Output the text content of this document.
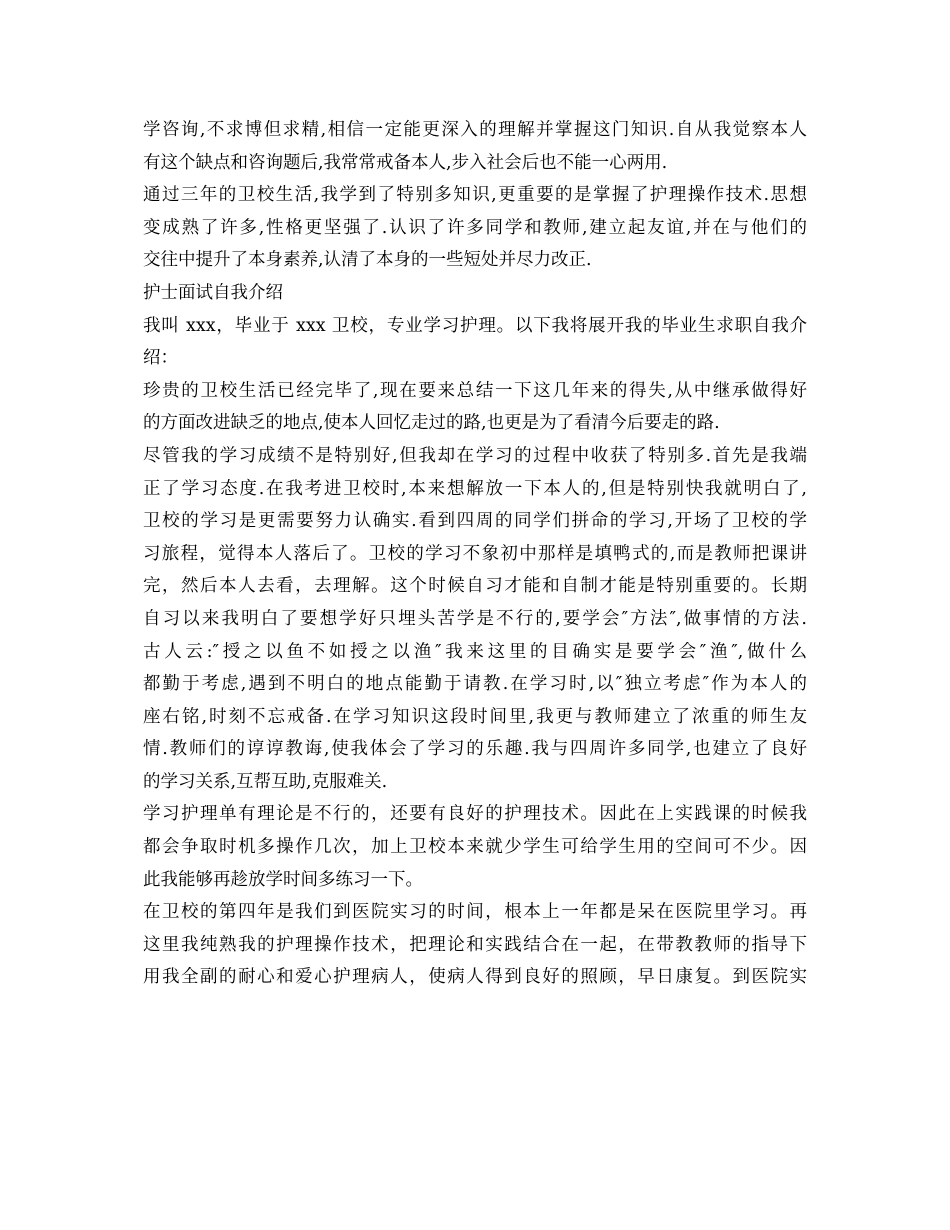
学咨询,不求博但求精,相信一定能更深入的理解并掌握这门知识.自从我觉察本人
有这个缺点和咨询题后,我常常戒备本人,步入社会后也不能一心两用.
通过三年的卫校生活,我学到了特别多知识,更重要的是掌握了护理操作技术.思想
变成熟了许多,性格更坚强了.认识了许多同学和教师,建立起友谊,并在与他们的
交往中提升了本身素养,认清了本身的一些短处并尽力改正.
护士面试自我介绍
我叫 xxx，毕业于 xxx 卫校，专业学习护理。以下我将展开我的毕业生求职自我介
绍：
珍贵的卫校生活已经完毕了,现在要来总结一下这几年来的得失,从中继承做得好
的方面改进缺乏的地点,使本人回忆走过的路,也更是为了看清今后要走的路.
尽管我的学习成绩不是特别好,但我却在学习的过程中收获了特别多.首先是我端
正了学习态度.在我考进卫校时,本来想解放一下本人的,但是特别快我就明白了,
卫校的学习是更需要努力认确实.看到四周的同学们拼命的学习,开场了卫校的学
习旅程，觉得本人落后了。卫校的学习不象初中那样是填鸭式的,而是教师把课讲
完，然后本人去看，去理解。这个时候自习才能和自制才能是特别重要的。长期
自习以来我明白了要想学好只埋头苦学是不行的,要学会″方法″,做事情的方法.
古人云:″授之以鱼不如授之以渔″我来这里的目确实是要学会″渔″,做什么
都勤于考虑,遇到不明白的地点能勤于请教.在学习时,以″独立考虑″作为本人的
座右铭,时刻不忘戒备.在学习知识这段时间里,我更与教师建立了浓重的师生友
情.教师们的谆谆教诲,使我体会了学习的乐趣.我与四周许多同学,也建立了良好
的学习关系,互帮互助,克服难关.
学习护理单有理论是不行的，还要有良好的护理技术。因此在上实践课的时候我
都会争取时机多操作几次，加上卫校本来就少学生可给学生用的空间可不少。因
此我能够再趁放学时间多练习一下。
在卫校的第四年是我们到医院实习的时间，根本上一年都是呆在医院里学习。再
这里我纯熟我的护理操作技术，把理论和实践结合在一起，在带教教师的指导下
用我全副的耐心和爱心护理病人，使病人得到良好的照顾，早日康复。到医院实
